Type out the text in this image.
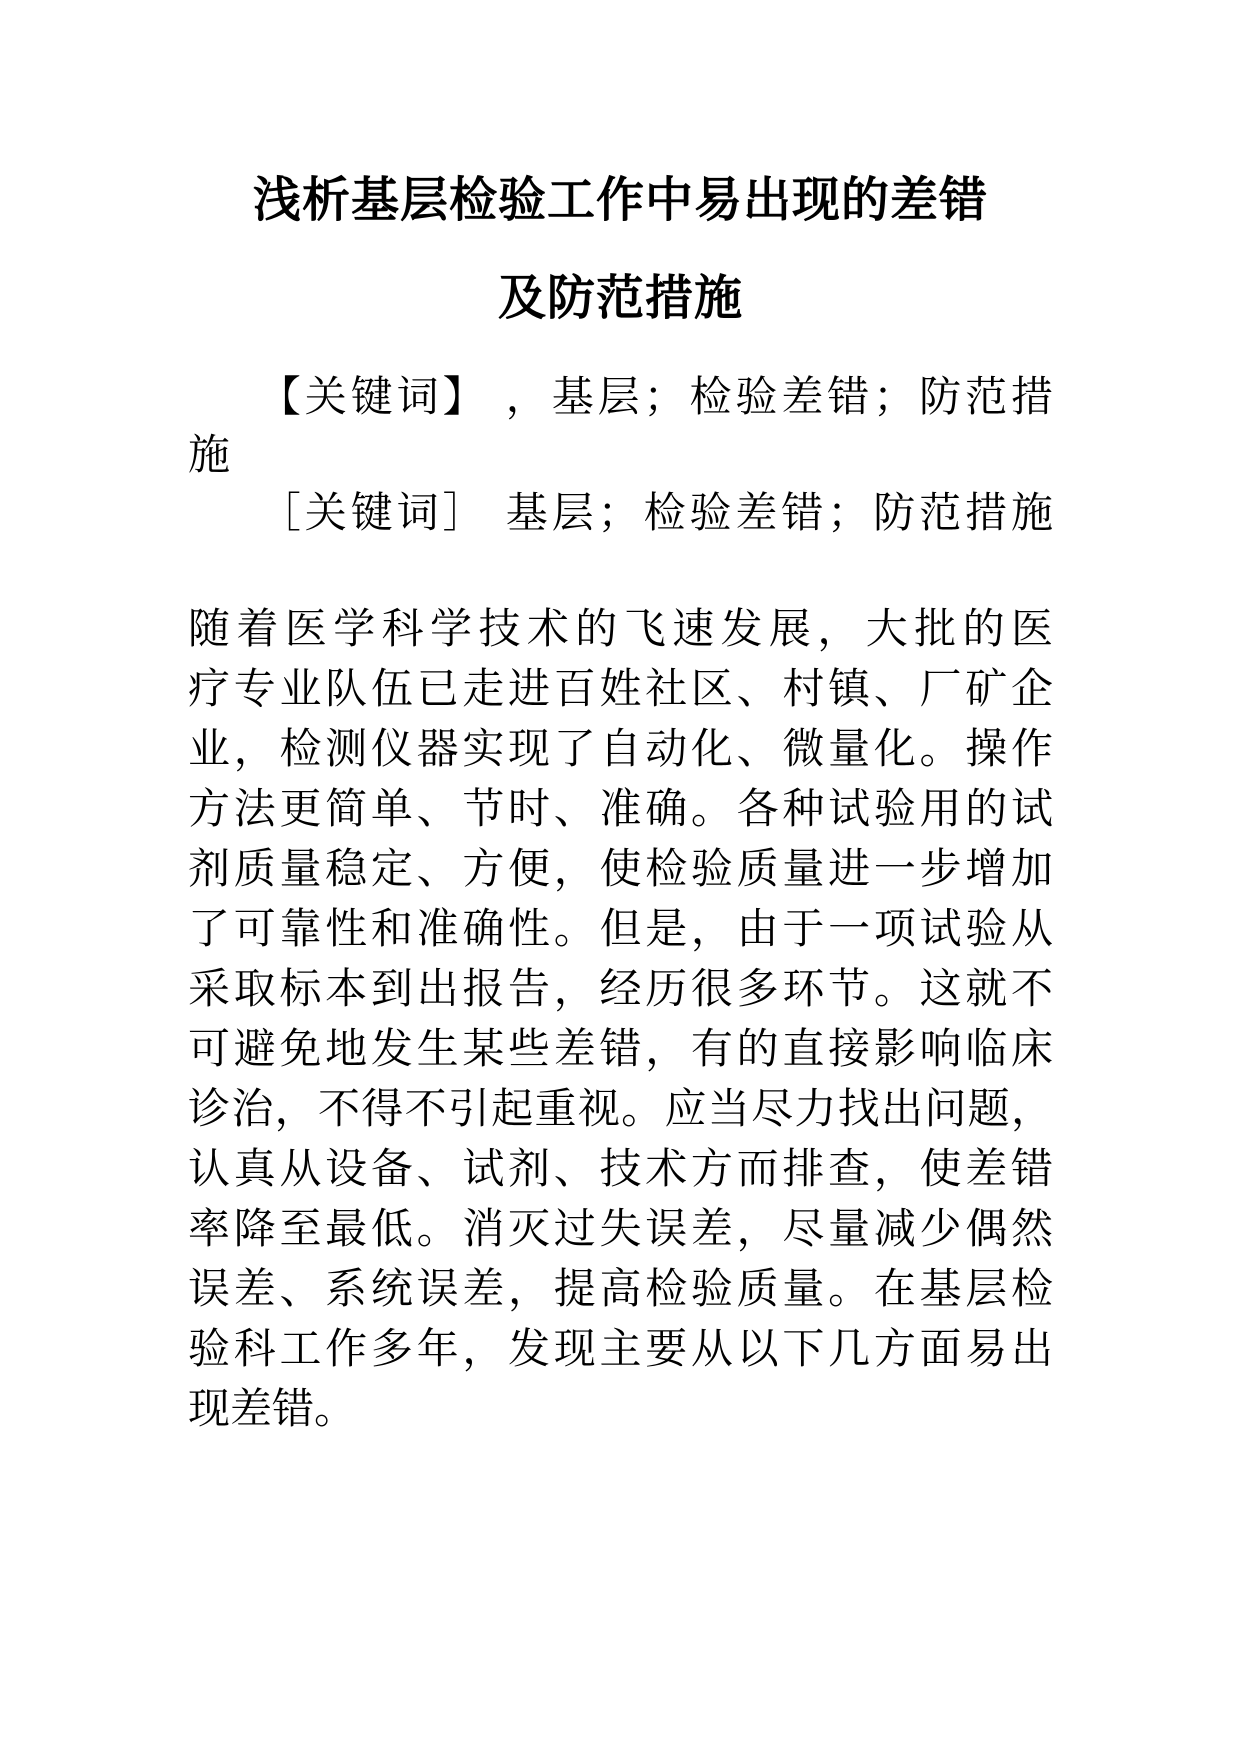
浅析基层检验工作中易出现的差错
及防范措施

　　【关键词】 ，基层；检验差错；防范措

施

　　［关键词］ 基层；检验差错；防范措施

随着医学科学技术的飞速发展，大批的医

疗专业队伍已走进百姓社区、村镇、厂矿企

业，检测仪器实现了自动化、微量化。操作

方法更简单、节时、准确。各种试验用的试

剂质量稳定、方便，使检验质量进一步增加

了可靠性和准确性。但是，由于一项试验从

采取标本到出报告，经历很多环节。这就不

可避免地发生某些差错，有的直接影响临床

诊治，不得不引起重视。应当尽力找出问题，

认真从设备、试剂、技术方而排查，使差错

率降至最低。消灭过失误差，尽量减少偶然

误差、系统误差，提高检验质量。在基层检

验科工作多年，发现主要从以下几方面易出

现差错。
